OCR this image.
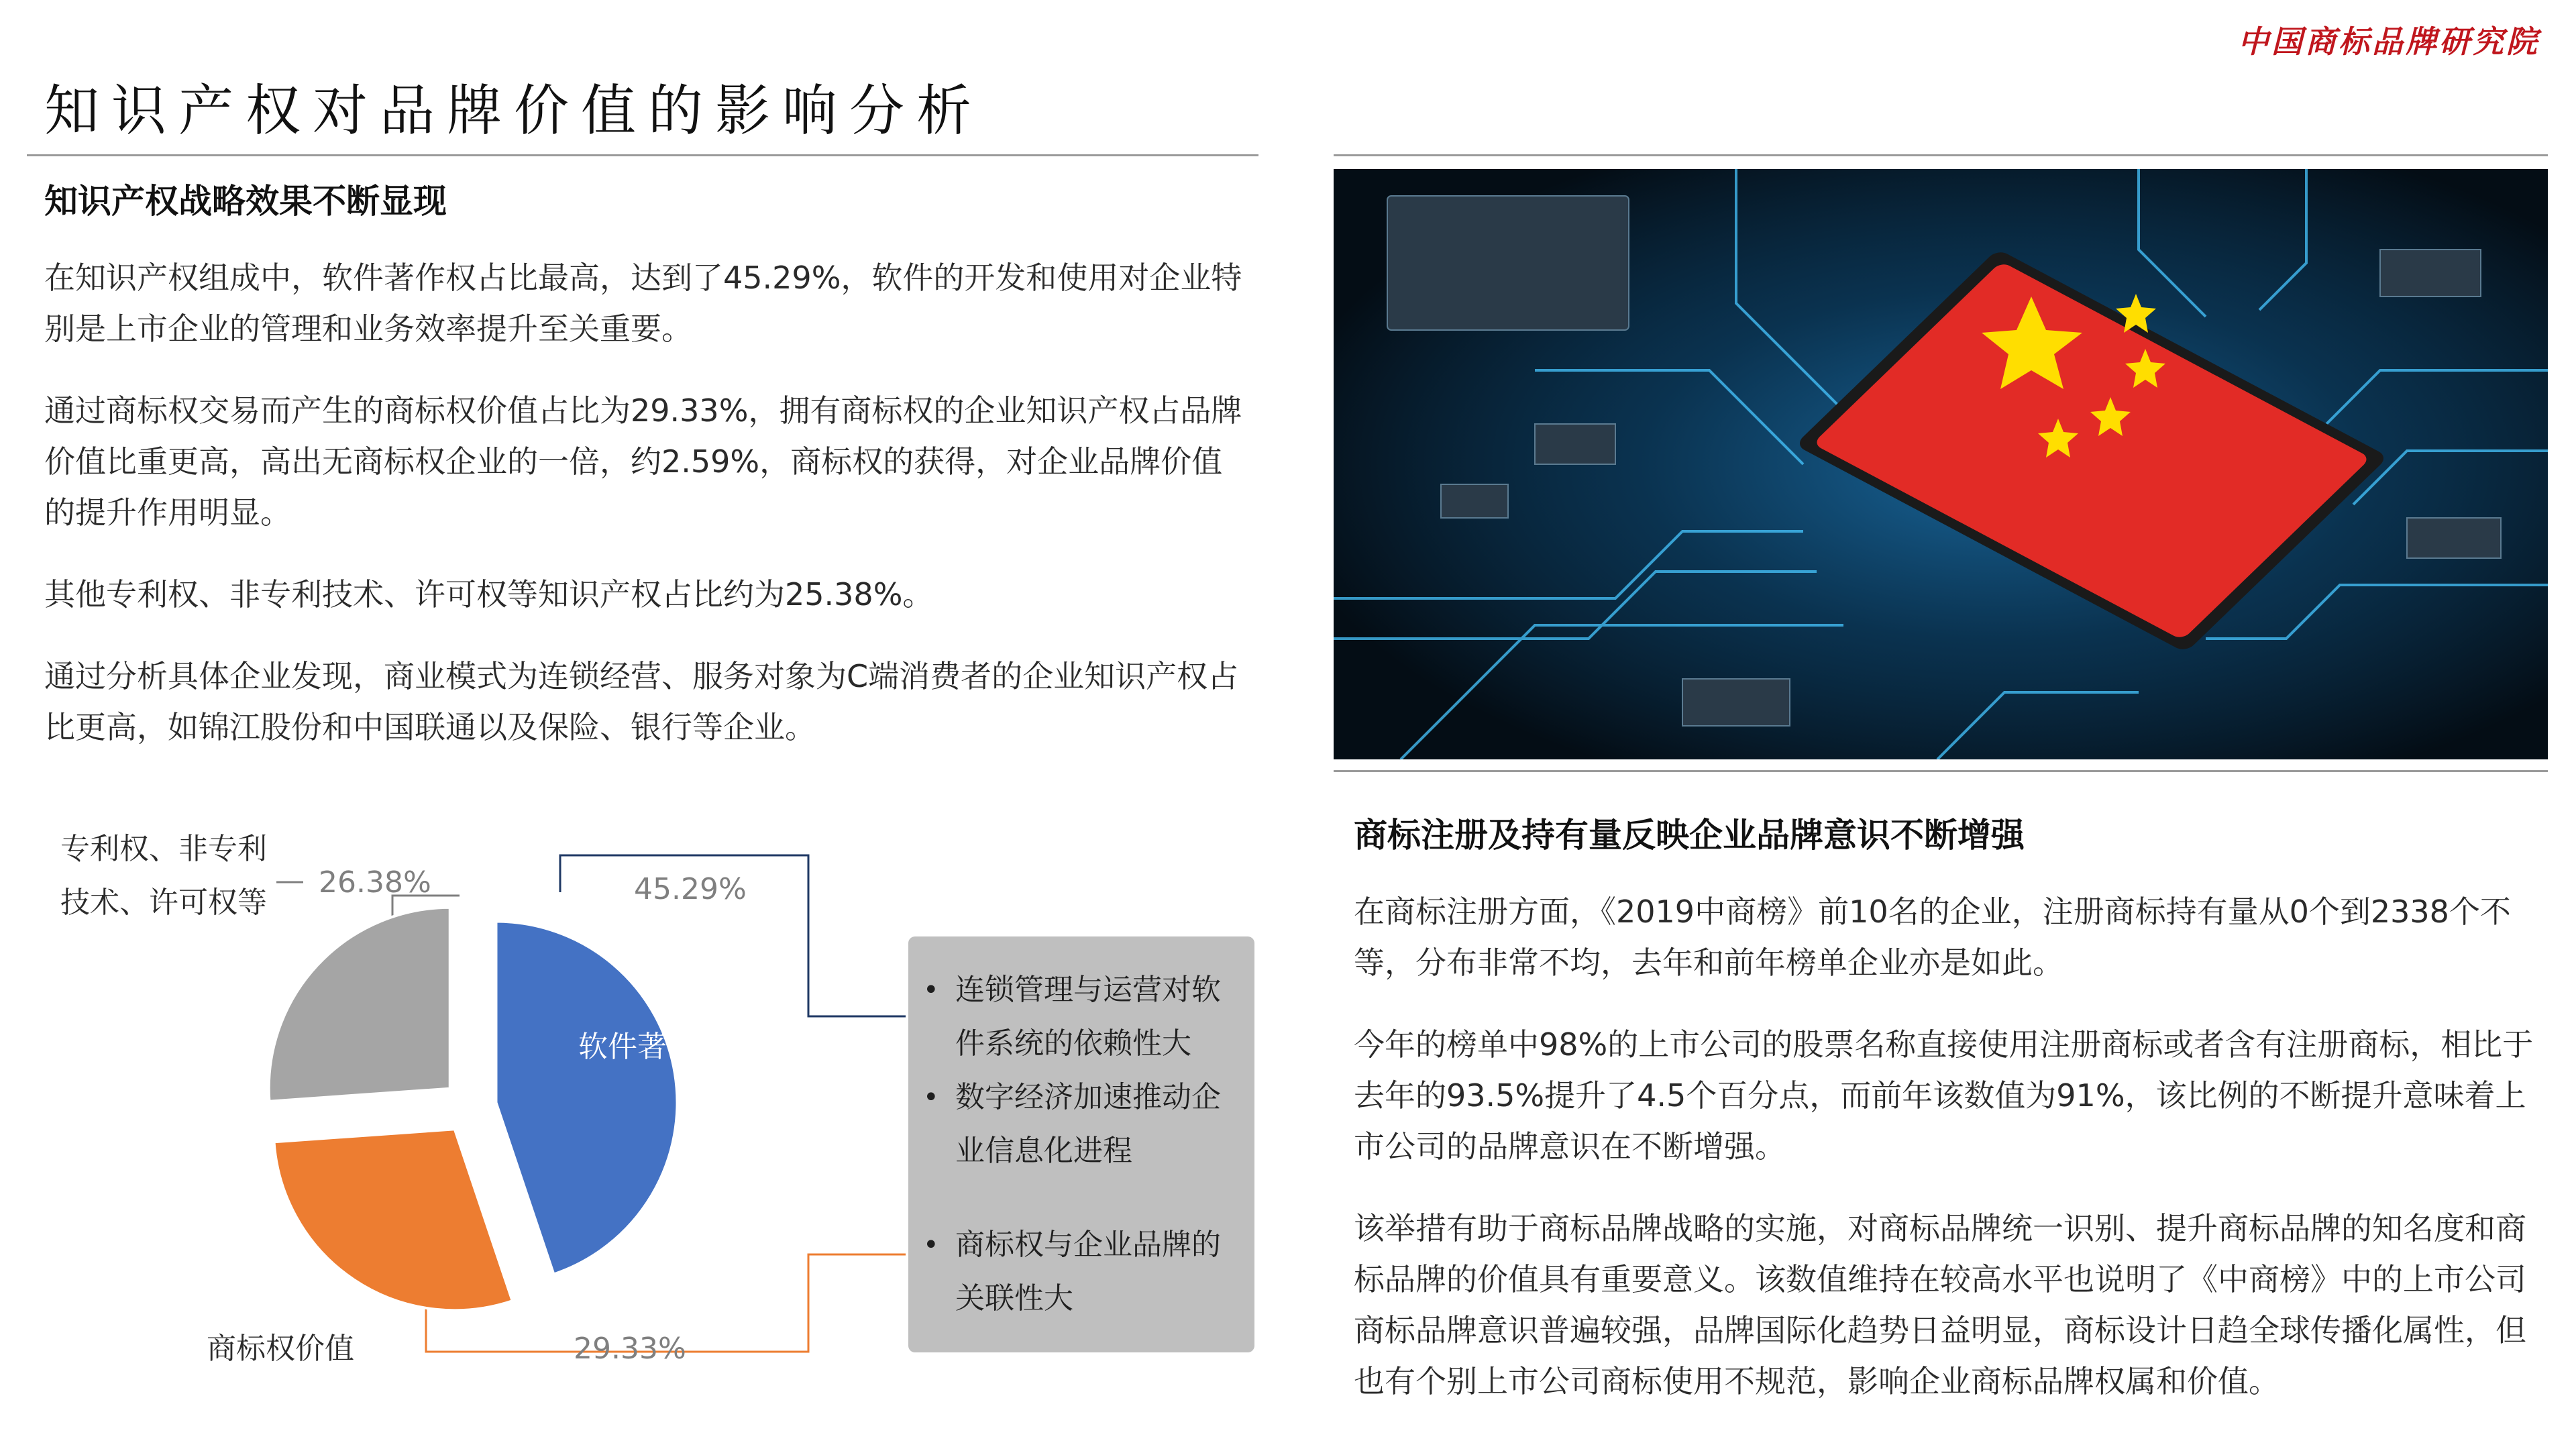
中国商标品牌研究院
知识产权对品牌价值的影响分析
知识产权战略效果不断显现

在知识产权组成中，软件著作权占比最高，达到了45.29%，软件的开发和使用对企业特别是上市企业的管理和业务效率提升至关重要。

通过商标权交易而产生的商标权价值占比为29.33%，拥有商标权的企业知识产权占品牌价值比重更高，高出无商标权企业的一倍，约2.59%，商标权的获得，对企业品牌价值的提升作用明显。

其他专利权、非专利技术、许可权等知识产权占比约为25.38%。

通过分析具体企业发现，商业模式为连锁经营、服务对象为C端消费者的企业知识产权占比更高，如锦江股份和中国联通以及保险、银行等企业。

商标注册及持有量反映企业品牌意识不断增强

在商标注册方面，《2019中商榜》前10名的企业，注册商标持有量从0个到2338个不等，分布非常不均，去年和前年榜单企业亦是如此。

今年的榜单中98%的上市公司的股票名称直接使用注册商标或者含有注册商标，相比于去年的93.5%提升了4.5个百分点，而前年该数值为91%，该比例的不断提升意味着上市公司的品牌意识在不断增强。

该举措有助于商标品牌战略的实施，对商标品牌统一识别、提升商标品牌的知名度和商标品牌的价值具有重要意义。该数值维持在较高水平也说明了《中商榜》中的上市公司商标品牌意识普遍较强，品牌国际化趋势日益明显，商标设计日趋全球传播化属性，但也有个别上市公司商标使用不规范，影响企业商标品牌权属和价值。

软件著作
45.29%
商标权价值	29.33%
专利权、非专利
技术、许可权等
26.38%
• 连锁管理与运营对软件系统的依赖性大
• 数字经济加速推动企业信息化进程
• 商标权与企业品牌的关联性大
